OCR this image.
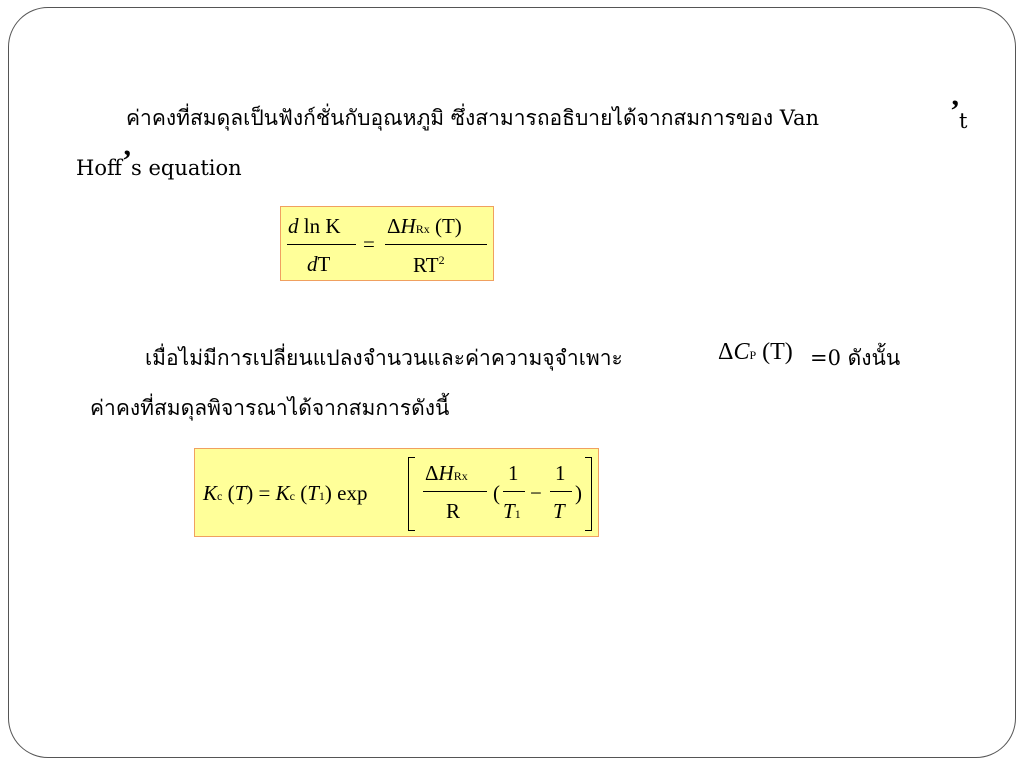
ค่าคงที่สมดุลเป็นฟังก์ชั่นกับอุณหภูมิ ซึ่งสามารถอธิบายได้จากสมการของ Van	’ t
Hoff ’ s equation
d ln K
dT
=
ΔHRx (T)
$RT^2$
เมื่อไม่มีการเปลี่ยนแปลงจำนวนและค่าความจุจำเพาะ	ΔCP (T) =0 ดังนั้น
ค่าคงที่สมดุลพิจารณาได้จากสมการดังนี้
Kc (T) = Kc (T1) exp
ΔHRx
R
(
1
T1
−
1
T
)
